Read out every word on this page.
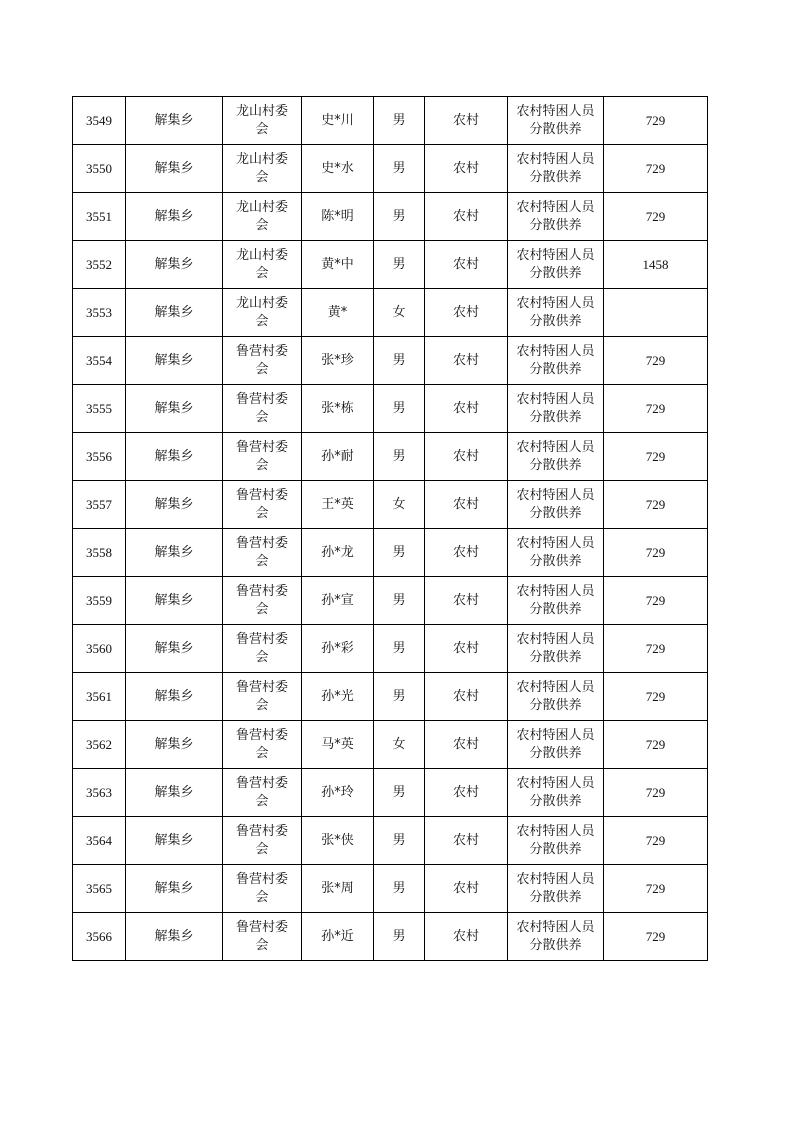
3549	解集乡	龙山村委
会	史*川	男	农村	农村特困人员
分散供养	729
3550	解集乡	龙山村委
会	史*水	男	农村	农村特困人员
分散供养	729
3551	解集乡	龙山村委
会	陈*明	男	农村	农村特困人员
分散供养	729
3552	解集乡	龙山村委
会	黄*中	男	农村	农村特困人员
分散供养	1458
3553	解集乡	龙山村委
会	黄*	女	农村	农村特困人员
分散供养	

3554	解集乡	鲁营村委
会	张*珍	男	农村	农村特困人员
分散供养	729
3555	解集乡	鲁营村委
会	张*栋	男	农村	农村特困人员
分散供养	729
3556	解集乡	鲁营村委
会	孙*耐	男	农村	农村特困人员
分散供养	729
3557	解集乡	鲁营村委
会	王*英	女	农村	农村特困人员
分散供养	729
3558	解集乡	鲁营村委
会	孙*龙	男	农村	农村特困人员
分散供养	729
3559	解集乡	鲁营村委
会	孙*宣	男	农村	农村特困人员
分散供养	729
3560	解集乡	鲁营村委
会	孙*彩	男	农村	农村特困人员
分散供养	729
3561	解集乡	鲁营村委
会	孙*光	男	农村	农村特困人员
分散供养	729
3562	解集乡	鲁营村委
会	马*英	女	农村	农村特困人员
分散供养	729
3563	解集乡	鲁营村委
会	孙*玲	男	农村	农村特困人员
分散供养	729
3564	解集乡	鲁营村委
会	张*侠	男	农村	农村特困人员
分散供养	729
3565	解集乡	鲁营村委
会	张*周	男	农村	农村特困人员
分散供养	729
3566	解集乡	鲁营村委
会	孙*近	男	农村	农村特困人员
分散供养	729
